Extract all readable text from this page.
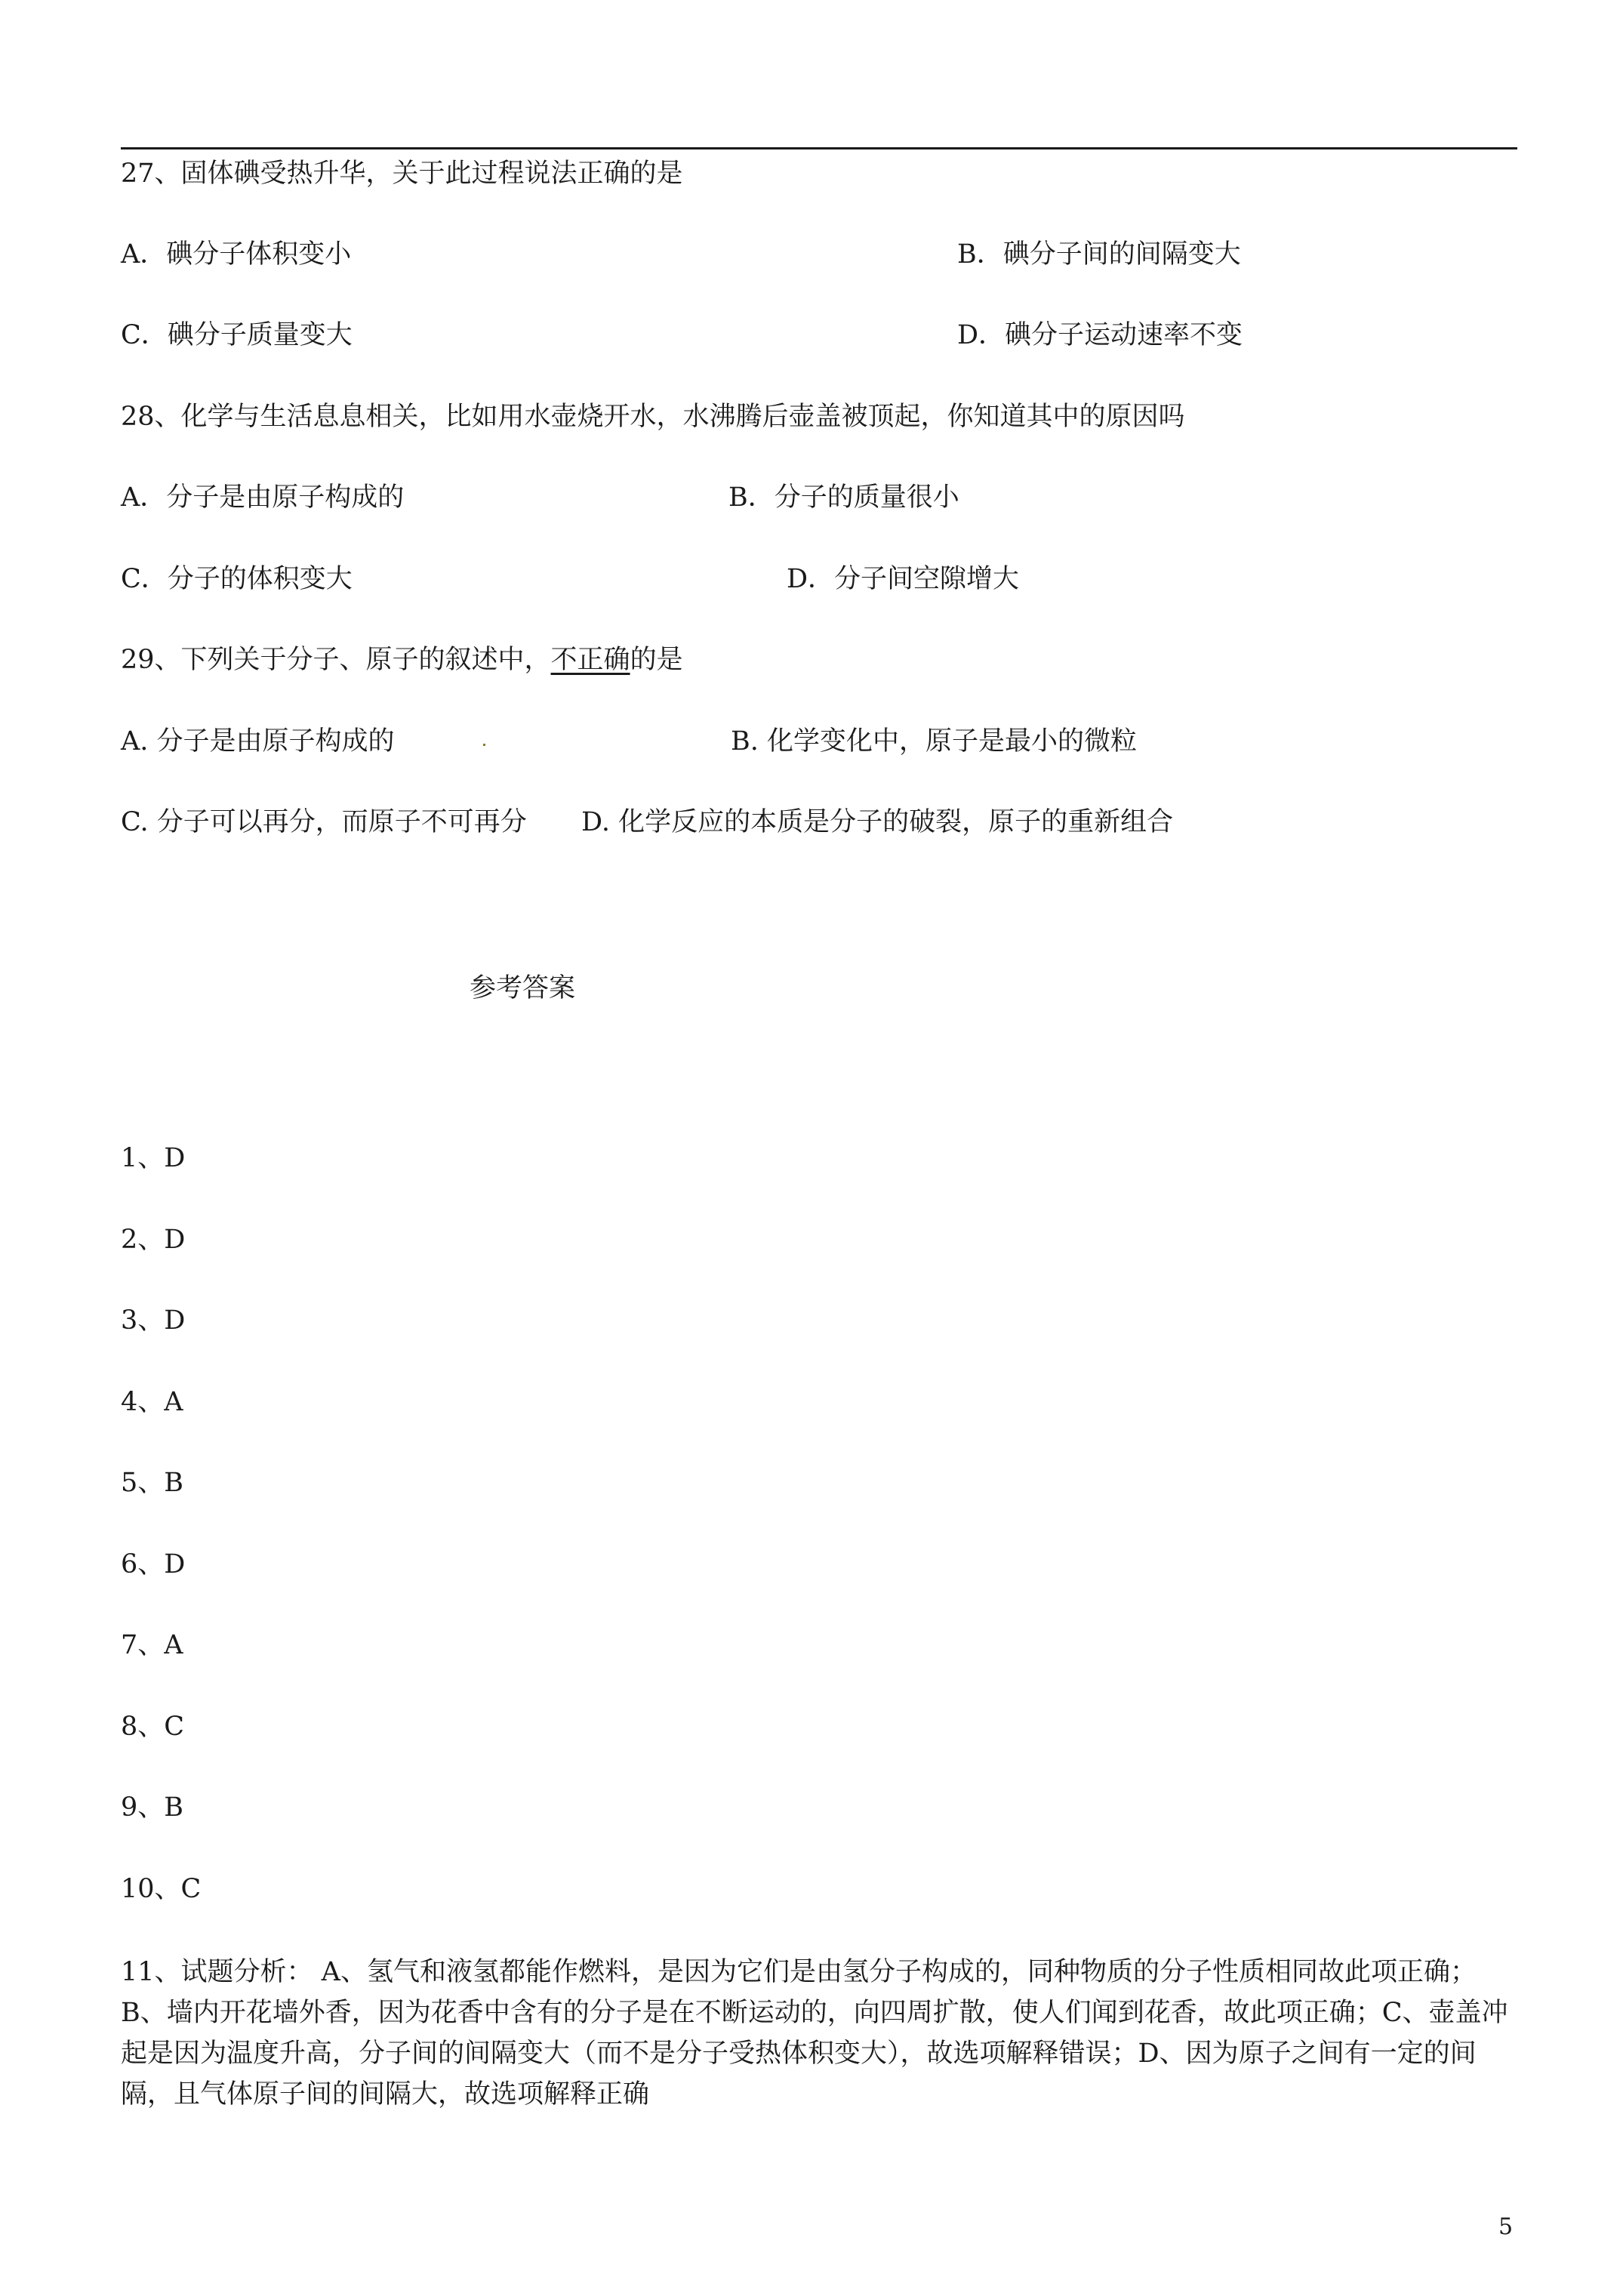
27、固体碘受热升华，关于此过程说法正确的是
A．碘分子体积变小	B．碘分子间的间隔变大
C．碘分子质量变大	D．碘分子运动速率不变
28、化学与生活息息相关，比如用水壶烧开水，水沸腾后壶盖被顶起，你知道其中的原因吗
A．分子是由原子构成的	B．分子的质量很小
C．分子的体积变大	D．分子间空隙增大
29、下列关于分子、原子的叙述中，不正确的是
A. 分子是由原子构成的	B. 化学变化中，原子是最小的微粒
C. 分子可以再分，而原子不可再分 D. 化学反应的本质是分子的破裂，原子的重新组合
参考答案
1、D
2、D
3、D
4、A
5、B
6、D
7、A
8、C
9、B
10、C
11、试题分析： A、氢气和液氢都能作燃料，是因为它们是由氢分子构成的，同种物质的分子性质相同故此项正确；B、墙内开花墙外香，因为花香中含有的分子是在不断运动的，向四周扩散，使人们闻到花香，故此项正确；C、壶盖冲起是因为温度升高，分子间的间隔变大（而不是分子受热体积变大），故选项解释错误；D、因为原子之间有一定的间隔，且气体原子间的间隔大，故选项解释正确
5
